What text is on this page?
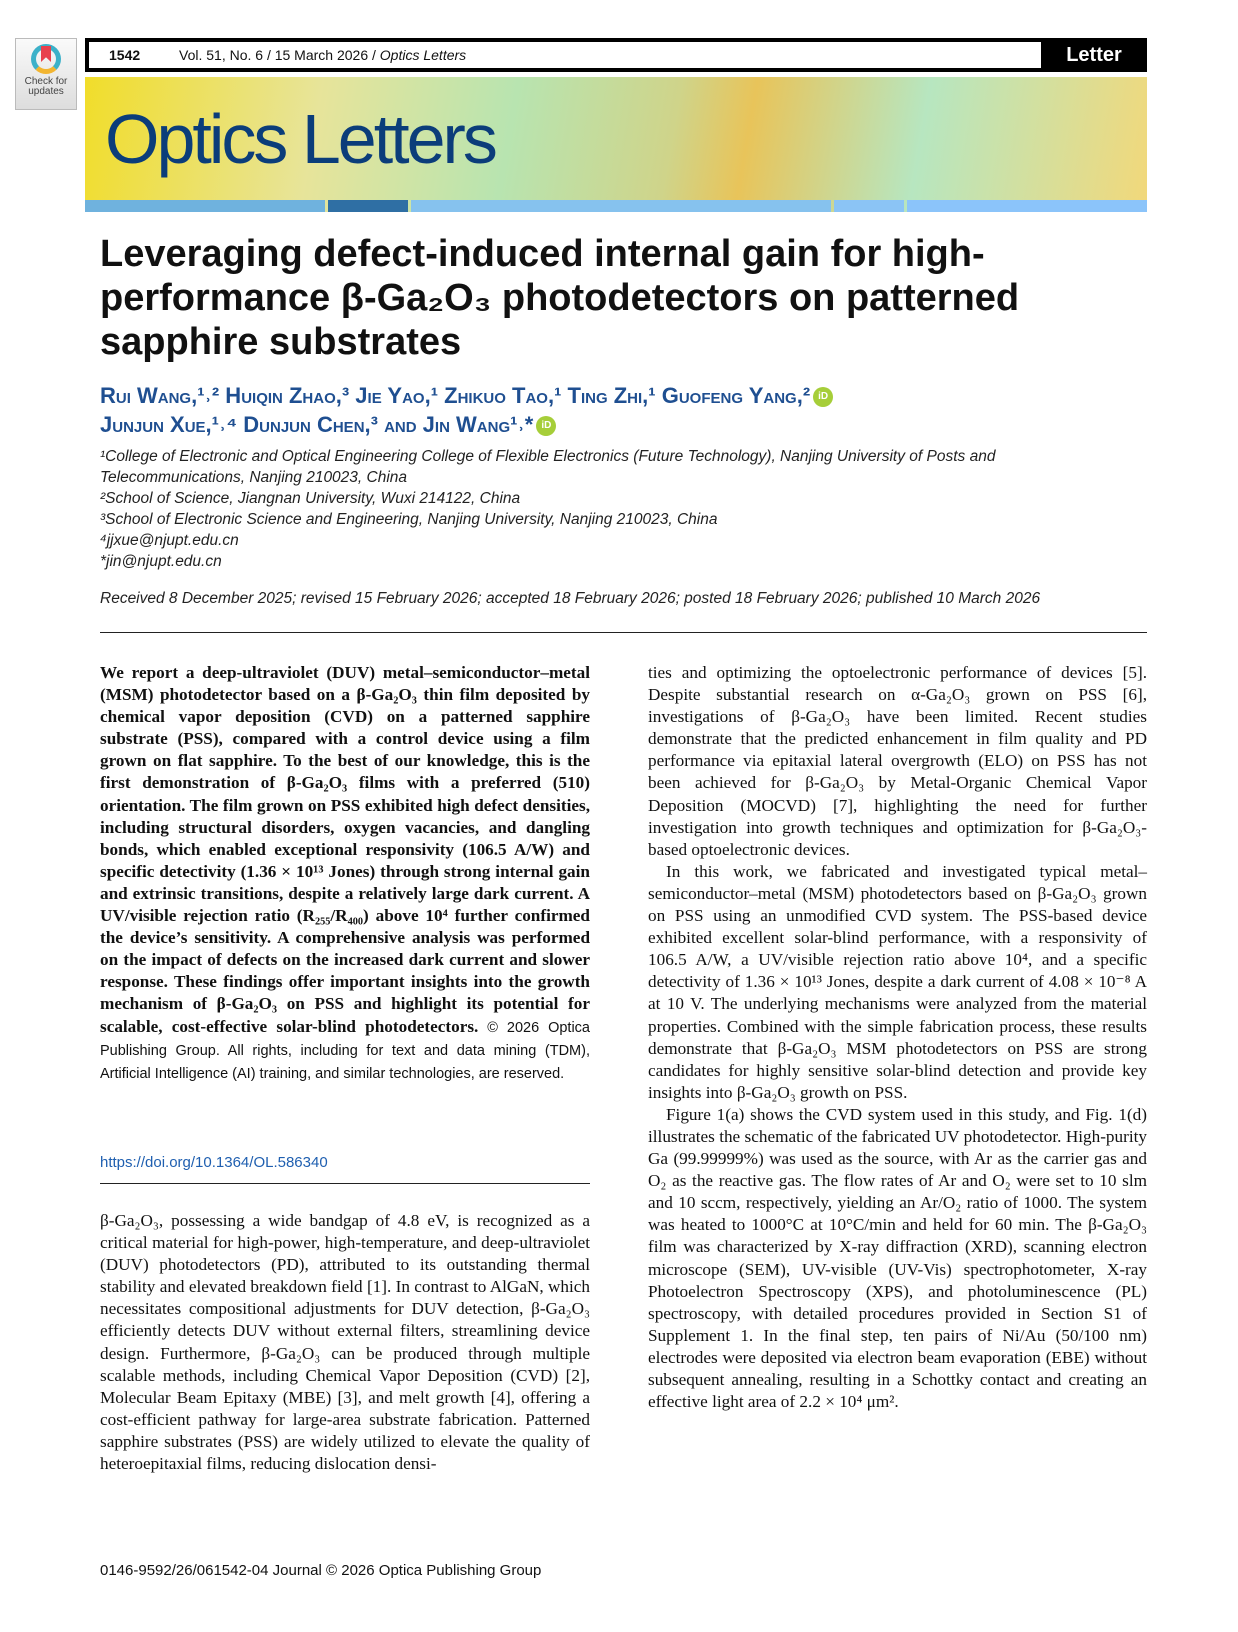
Check for updates
1542	Vol. 51, No. 6 / 15 March 2026 / Optics Letters	Letter
Optics Letters
Leveraging defect-induced internal gain for high-performance β-Ga₂O₃ photodetectors on patterned sapphire substrates
Rui Wang,¹˒² Huiqin Zhao,³ Jie Yao,¹ Zhikuo Tao,¹ Ting Zhi,¹ Guofeng Yang,² iD
Junjun Xue,¹˒⁴ Dunjun Chen,³ and Jin Wang¹˒* iD
¹College of Electronic and Optical Engineering College of Flexible Electronics (Future Technology), Nanjing University of Posts and Telecommunications, Nanjing 210023, China
²School of Science, Jiangnan University, Wuxi 214122, China
³School of Electronic Science and Engineering, Nanjing University, Nanjing 210023, China
⁴jjxue@njupt.edu.cn
*jin@njupt.edu.cn
Received 8 December 2025; revised 15 February 2026; accepted 18 February 2026; posted 18 February 2026; published 10 March 2026

We report a deep-ultraviolet (DUV) metal–semiconductor–metal (MSM) photodetector based on a β-Ga₂O₃ thin film deposited by chemical vapor deposition (CVD) on a patterned sapphire substrate (PSS), compared with a control device using a film grown on flat sapphire. To the best of our knowledge, this is the first demonstration of β-Ga₂O₃ films with a preferred (510) orientation. The film grown on PSS exhibited high defect densities, including structural disorders, oxygen vacancies, and dangling bonds, which enabled exceptional responsivity (106.5 A/W) and specific detectivity (1.36 × 10¹³ Jones) through strong internal gain and extrinsic transitions, despite a relatively large dark current. A UV/visible rejection ratio (R₂₅₅/R₄₀₀) above 10⁴ further confirmed the device’s sensitivity. A comprehensive analysis was performed on the impact of defects on the increased dark current and slower response. These findings offer important insights into the growth mechanism of β-Ga₂O₃ on PSS and highlight its potential for scalable, cost-effective solar-blind photodetectors. © 2026 Optica Publishing Group. All rights, including for text and data mining (TDM), Artificial Intelligence (AI) training, and similar technologies, are reserved.

https://doi.org/10.1364/OL.586340

β-Ga₂O₃, possessing a wide bandgap of 4.8 eV, is recognized as a critical material for high-power, high-temperature, and deep-ultraviolet (DUV) photodetectors (PD), attributed to its outstanding thermal stability and elevated breakdown field [1]. In contrast to AlGaN, which necessitates compositional adjustments for DUV detection, β-Ga₂O₃ efficiently detects DUV without external filters, streamlining device design. Furthermore, β-Ga₂O₃ can be produced through multiple scalable methods, including Chemical Vapor Deposition (CVD) [2], Molecular Beam Epitaxy (MBE) [3], and melt growth [4], offering a cost-efficient pathway for large-area substrate fabrication. Patterned sapphire substrates (PSS) are widely utilized to elevate the quality of heteroepitaxial films, reducing dislocation densi-

ties and optimizing the optoelectronic performance of devices [5]. Despite substantial research on α-Ga₂O₃ grown on PSS [6], investigations of β-Ga₂O₃ have been limited. Recent studies demonstrate that the predicted enhancement in film quality and PD performance via epitaxial lateral overgrowth (ELO) on PSS has not been achieved for β-Ga₂O₃ by Metal-Organic Chemical Vapor Deposition (MOCVD) [7], highlighting the need for further investigation into growth techniques and optimization for β-Ga₂O₃-based optoelectronic devices.

In this work, we fabricated and investigated typical metal–semiconductor–metal (MSM) photodetectors based on β-Ga₂O₃ grown on PSS using an unmodified CVD system. The PSS-based device exhibited excellent solar-blind performance, with a responsivity of 106.5 A/W, a UV/visible rejection ratio above 10⁴, and a specific detectivity of 1.36 × 10¹³ Jones, despite a dark current of 4.08 × 10⁻⁸ A at 10 V. The underlying mechanisms were analyzed from the material properties. Combined with the simple fabrication process, these results demonstrate that β-Ga₂O₃ MSM photodetectors on PSS are strong candidates for highly sensitive solar-blind detection and provide key insights into β-Ga₂O₃ growth on PSS.

Figure 1(a) shows the CVD system used in this study, and Fig. 1(d) illustrates the schematic of the fabricated UV photodetector. High-purity Ga (99.99999%) was used as the source, with Ar as the carrier gas and O₂ as the reactive gas. The flow rates of Ar and O₂ were set to 10 slm and 10 sccm, respectively, yielding an Ar/O₂ ratio of 1000. The system was heated to 1000°C at 10°C/min and held for 60 min. The β-Ga₂O₃ film was characterized by X-ray diffraction (XRD), scanning electron microscope (SEM), UV-visible (UV-Vis) spectrophotometer, X-ray Photoelectron Spectroscopy (XPS), and photoluminescence (PL) spectroscopy, with detailed procedures provided in Section S1 of Supplement 1. In the final step, ten pairs of Ni/Au (50/100 nm) electrodes were deposited via electron beam evaporation (EBE) without subsequent annealing, resulting in a Schottky contact and creating an effective light area of 2.2 × 10⁴ μm².

0146-9592/26/061542-04 Journal © 2026 Optica Publishing Group
